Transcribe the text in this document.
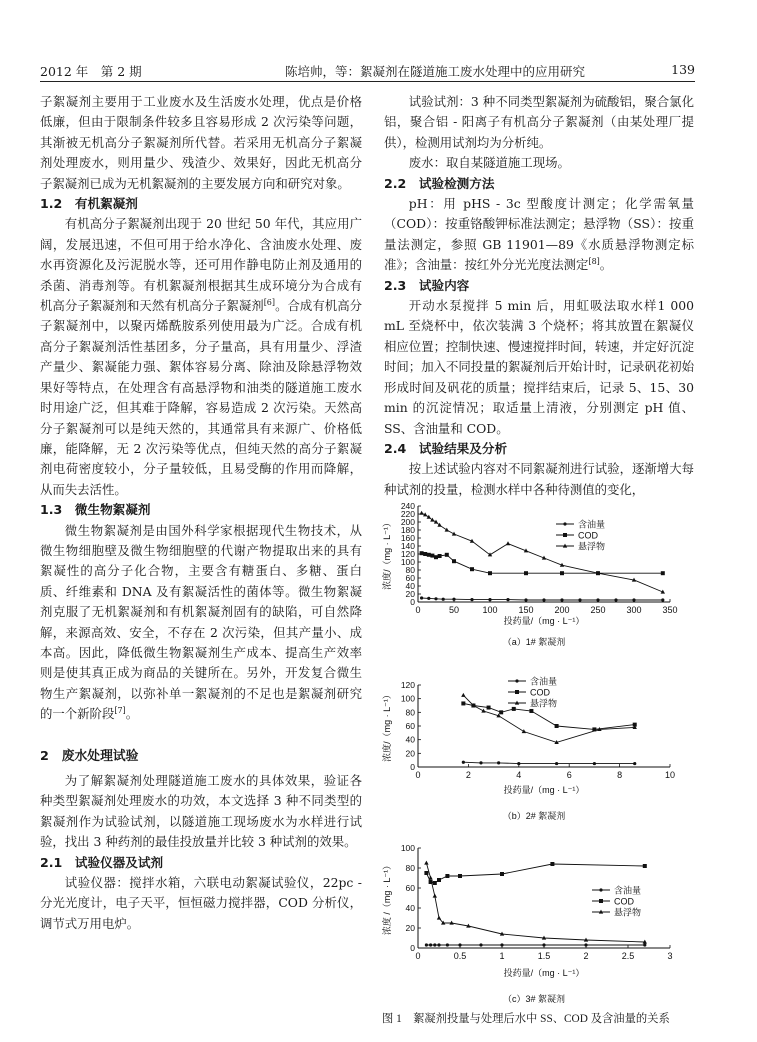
2012 年　第 2 期	陈培帅，等：絮凝剂在隧道施工废水处理中的应用研究	139
子絮凝剂主要用于工业废水及生活废水处理，优点是价格低廉，但由于限制条件较多且容易形成 2 次污染等问题，其渐被无机高分子絮凝剂所代替。若采用无机高分子絮凝剂处理废水，则用量少、残渣少、效果好，因此无机高分子絮凝剂已成为无机絮凝剂的主要发展方向和研究对象。
1.2　有机絮凝剂
有机高分子絮凝剂出现于 20 世纪 50 年代，其应用广阔，发展迅速，不但可用于给水净化、含油废水处理、废水再资源化及污泥脱水等，还可用作静电防止剂及通用的杀菌、消毒剂等。有机絮凝剂根据其生成环境分为合成有机高分子絮凝剂和天然有机高分子絮凝剂[6]。合成有机高分子絮凝剂中，以聚丙烯酰胺系列使用最为广泛。合成有机高分子絮凝剂活性基团多，分子量高，具有用量少、浮渣产量少、絮凝能力强、絮体容易分离、除油及除悬浮物效果好等特点，在处理含有高悬浮物和油类的隧道施工废水时用途广泛，但其难于降解，容易造成 2 次污染。天然高分子絮凝剂可以是纯天然的，其通常具有来源广、价格低廉，能降解，无 2 次污染等优点，但纯天然的高分子絮凝剂电荷密度较小，分子量较低，且易受酶的作用而降解，从而失去活性。
1.3　微生物絮凝剂
微生物絮凝剂是由国外科学家根据现代生物技术，从微生物细胞壁及微生物细胞壁的代谢产物提取出来的具有絮凝性的高分子化合物，主要含有糖蛋白、多糖、蛋白质、纤维素和 DNA 及有絮凝活性的菌体等。微生物絮凝剂克服了无机絮凝剂和有机絮凝剂固有的缺陷，可自然降解，来源高效、安全，不存在 2 次污染，但其产量小、成本高。因此，降低微生物絮凝剂生产成本、提高生产效率则是使其真正成为商品的关键所在。另外，开发复合微生物生产絮凝剂，以弥补单一絮凝剂的不足也是絮凝剂研究的一个新阶段[7]。
2　废水处理试验
为了解絮凝剂处理隧道施工废水的具体效果，验证各种类型絮凝剂处理废水的功效，本文选择 3 种不同类型的絮凝剂作为试验试剂，以隧道施工现场废水为水样进行试验，找出 3 种药剂的最佳投放量并比较 3 种试剂的效果。
2.1　试验仪器及试剂
试验仪器：搅拌水箱，六联电动絮凝试验仪，22pc - 分光光度计，电子天平，恒恒磁力搅拌器，COD 分析仪，调节式万用电炉。
试验试剂：3 种不同类型絮凝剂为硫酸铝，聚合氯化铝，聚合铝 - 阳离子有机高分子絮凝剂（由某处理厂提供），检测用试剂均为分析纯。
废水：取自某隧道施工现场。
2.2　试验检测方法
pH：用 pHS - 3c 型酸度计测定；化学需氧量（COD）：按重铬酸钾标准法测定；悬浮物（SS）：按重量法测定，参照 GB 11901—89《水质悬浮物测定标准》；含油量：按红外分光光度法测定[8]。
2.3　试验内容
开动水泵搅拌 5 min 后，用虹吸法取水样1 000 mL 至烧杯中，依次装满 3 个烧杯；将其放置在絮凝仪相应位置；控制快速、慢速搅拌时间，转速，并定好沉淀时间；加入不同投量的絮凝剂后开始计时，记录矾花初始形成时间及矾花的质量；搅拌结束后，记录 5、15、30 min 的沉淀情况；取适量上清液，分别测定 pH 值、SS、含油量和 COD。
2.4　试验结果及分析
按上述试验内容对不同絮凝剂进行试验，逐渐增大每种试剂的投量，检测水样中各种待测值的变化，
0	50	100 150 200 250 300 350
0
20
40
60
80
100
120
140
160
180
200
220
240
投药量/（mg · L⁻¹）
浓度/（mg · L⁻¹）	含油量
COD
悬浮物
（a）1# 絮凝剂
0	2	4	6	8	10
0
20
40
60
80
100
120
投药量/（mg · L⁻¹）
浓度/（mg · L⁻¹）
含油量
COD
悬浮物
（b）2# 絮凝剂
0	0.5	1	1.5	2	2.5	3
0
20
40
60
80
100
投药量/（mg · L⁻¹）
浓度 /（mg · L⁻¹）	含油量
COD
悬浮物
（c）3# 絮凝剂
图 1　絮凝剂投量与处理后水中 SS、COD 及含油量的关系
